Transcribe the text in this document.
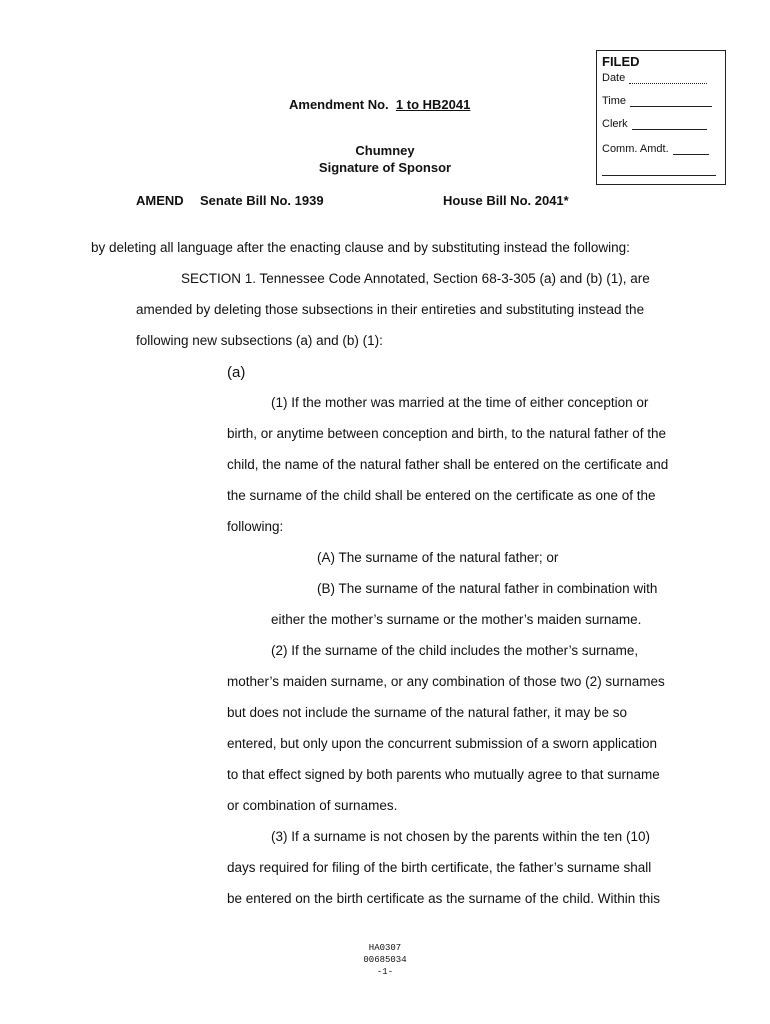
FILED
Date
Time
Clerk
Comm. Amdt.
Amendment No. 1 to HB2041
Chumney
Signature of Sponsor
AMEND Senate Bill No. 1939	House Bill No. 2041*
by deleting all language after the enacting clause and by substituting instead the following:
SECTION 1. Tennessee Code Annotated, Section 68-3-305 (a) and (b) (1), are
amended by deleting those subsections in their entireties and substituting instead the
following new subsections (a) and (b) (1):
(a)
(1) If the mother was married at the time of either conception or
birth, or anytime between conception and birth, to the natural father of the
child, the name of the natural father shall be entered on the certificate and
the surname of the child shall be entered on the certificate as one of the
following:
(A) The surname of the natural father; or
(B) The surname of the natural father in combination with
either the mother’s surname or the mother’s maiden surname.
(2) If the surname of the child includes the mother’s surname,
mother’s maiden surname, or any combination of those two (2) surnames
but does not include the surname of the natural father, it may be so
entered, but only upon the concurrent submission of a sworn application
to that effect signed by both parents who mutually agree to that surname
or combination of surnames.
(3) If a surname is not chosen by the parents within the ten (10)
days required for filing of the birth certificate, the father’s surname shall
be entered on the birth certificate as the surname of the child. Within this
HA0307
00685034
-1-
